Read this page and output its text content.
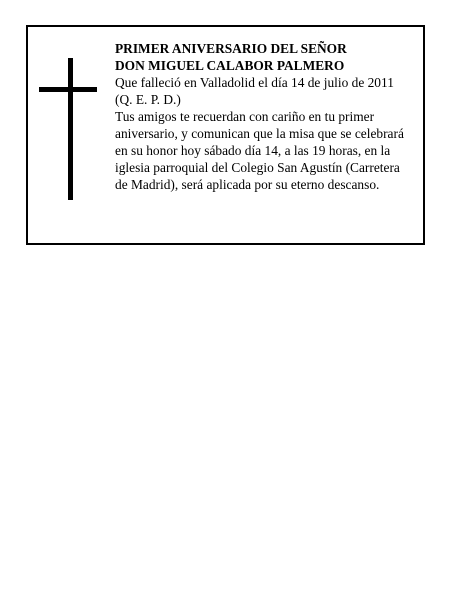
PRIMER ANIVERSARIO DEL SEÑOR

DON MIGUEL CALABOR PALMERO

Que falleció en Valladolid el día 14 de julio de 2011

(Q. E. P. D.)

Tus amigos te recuerdan con cariño en tu primer
aniversario, y comunican que la misa que se celebrará
en su honor hoy sábado día 14, a las 19 horas, en la
iglesia parroquial del Colegio San Agustín (Carretera
de Madrid), será aplicada por su eterno descanso.
